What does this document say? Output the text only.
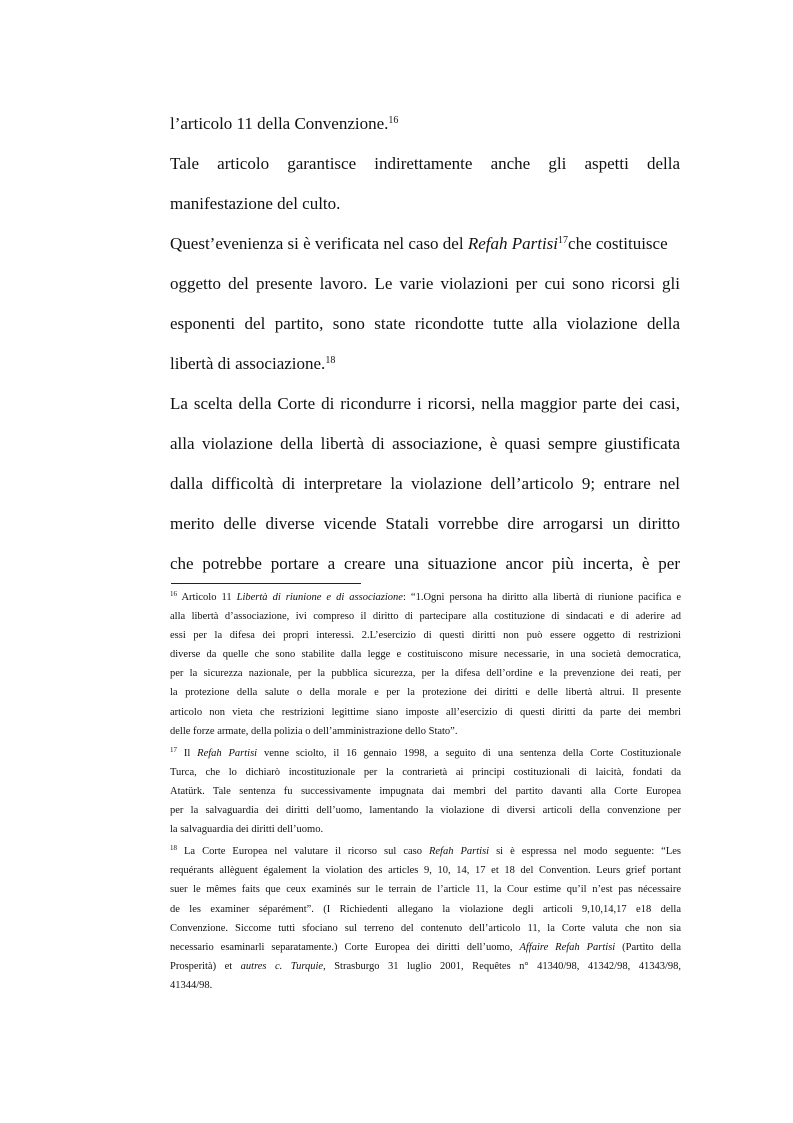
l’articolo 11 della Convenzione.$^{16}$
Tale articolo garantisce indirettamente anche gli aspetti della
manifestazione del culto.
Quest’evenienza si è verificata nel caso del Refah Partisi$^{17}$che costituisce
oggetto del presente lavoro. Le varie violazioni per cui sono ricorsi gli
esponenti del partito, sono state ricondotte tutte alla violazione della
libertà di associazione.$^{18}$
La scelta della Corte di ricondurre i ricorsi, nella maggior parte dei casi,
alla violazione della libertà di associazione, è quasi sempre giustificata
dalla difficoltà di interpretare la violazione dell’articolo 9; entrare nel
merito delle diverse vicende Statali vorrebbe dire arrogarsi un diritto
che potrebbe portare a creare una situazione ancor più incerta, è per
$^{16}$ Articolo 11 Libertà di riunione e di associazione: “1.Ogni persona ha diritto alla libertà di riunione pacifica e
alla libertà d’associazione, ivi compreso il diritto di partecipare alla costituzione di sindacati e di aderire ad
essi per la difesa dei propri interessi. 2.L’esercizio di questi diritti non può essere oggetto di restrizioni
diverse da quelle che sono stabilite dalla legge e costituiscono misure necessarie, in una società democratica,
per la sicurezza nazionale, per la pubblica sicurezza, per la difesa dell’ordine e la prevenzione dei reati, per
la protezione della salute o della morale e per la protezione dei diritti e delle libertà altrui. Il presente
articolo non vieta che restrizioni legittime siano imposte all’esercizio di questi diritti da parte dei membri
delle forze armate, della polizia o dell’amministrazione dello Stato”.
$^{17}$ Il Refah Partisi venne sciolto, il 16 gennaio 1998, a seguito di una sentenza della Corte Costituzionale
Turca, che lo dichiarò incostituzionale per la contrarietà ai principi costituzionali di laicità, fondati da
Atatürk. Tale sentenza fu successivamente impugnata dai membri del partito davanti alla Corte Europea
per la salvaguardia dei diritti dell’uomo, lamentando la violazione di diversi articoli della convenzione per
la salvaguardia dei diritti dell’uomo.
$^{18}$ La Corte Europea nel valutare il ricorso sul caso Refah Partisi si è espressa nel modo seguente: “Les
requérants allèguent également la violation des articles 9, 10, 14, 17 et 18 del Convention. Leurs grief portant
suer le mêmes faits que ceux examinés sur le terrain de l’article 11, la Cour estime qu’il n’est pas nécessaire
de les examiner séparément”. (I Richiedenti allegano la violazione degli articoli 9,10,14,17 e18 della
Convenzione. Siccome tutti sfociano sul terreno del contenuto dell’articolo 11, la Corte valuta che non sia
necessario esaminarli separatamente.) Corte Europea dei diritti dell’uomo, Affaire Refah Partisi (Partito della
Prosperità) et autres c. Turquie, Strasburgo 31 luglio 2001, Requêtes n° 41340/98, 41342/98, 41343/98,
41344/98.
